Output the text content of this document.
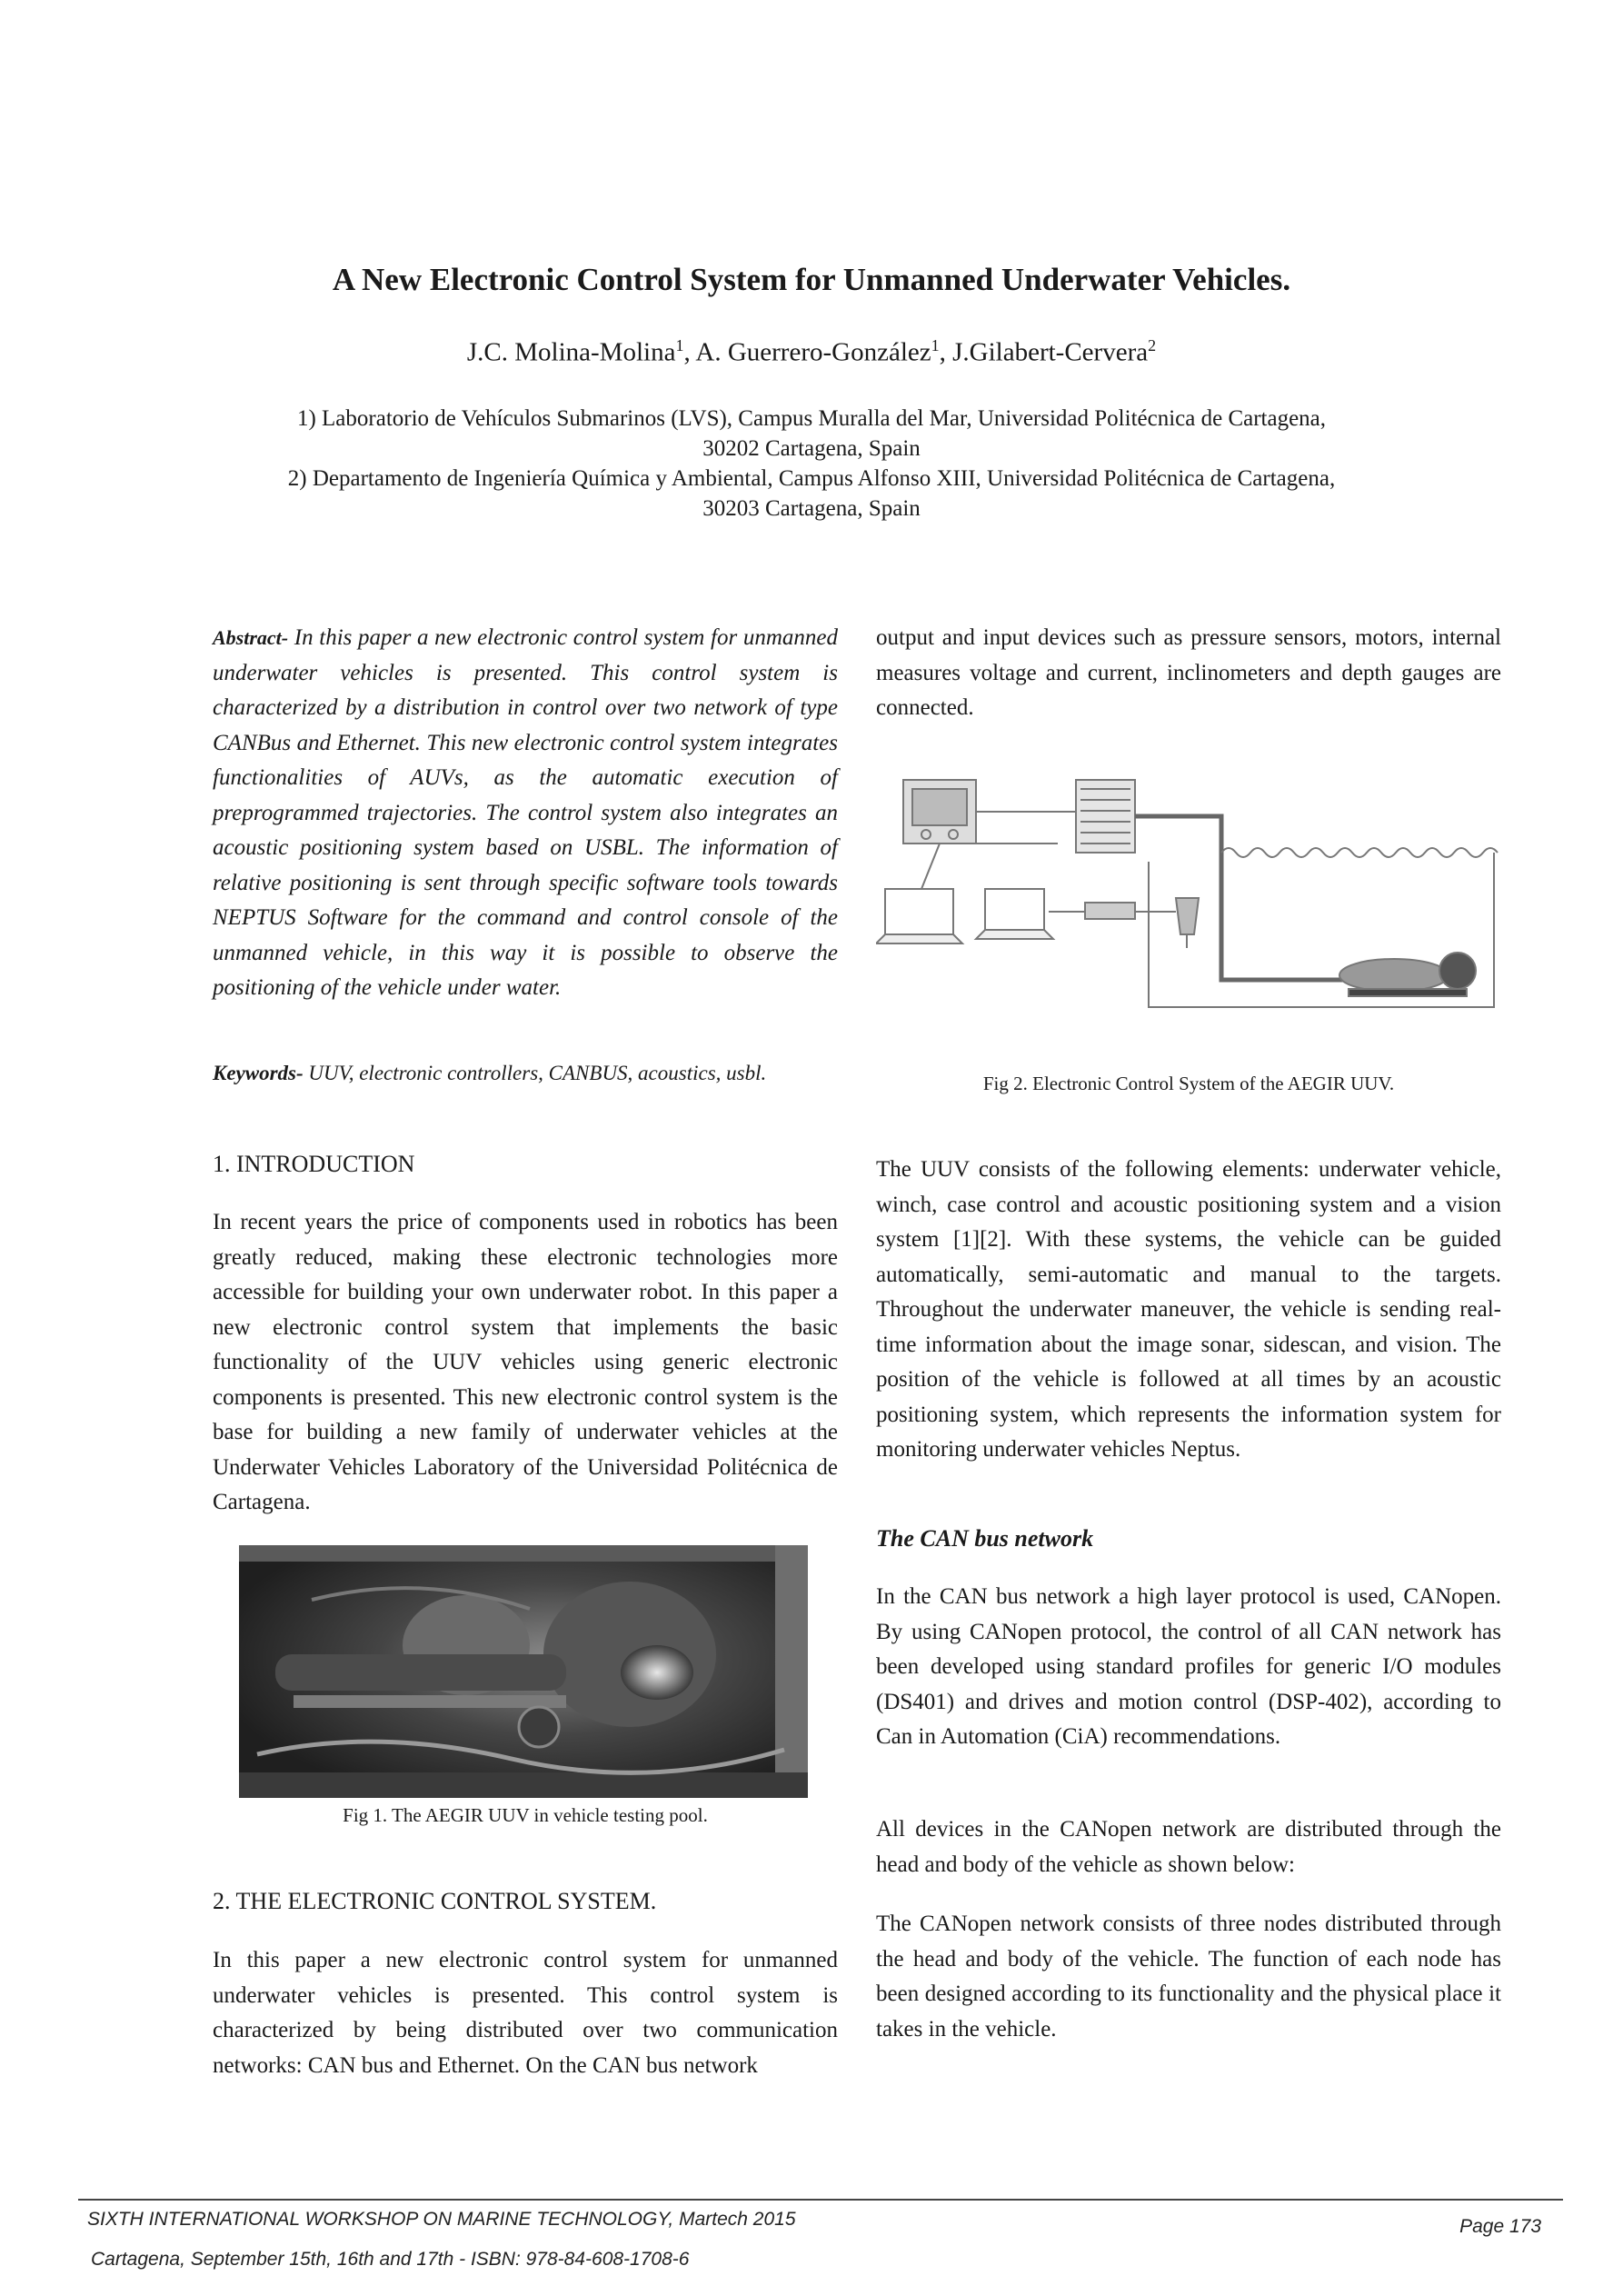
A New Electronic Control System for Unmanned Underwater Vehicles.
J.C. Molina-Molina$^1$, A. Guerrero-González$^1$, J.Gilabert-Cervera$^2$
1) Laboratorio de Vehículos Submarinos (LVS), Campus Muralla del Mar, Universidad Politécnica de Cartagena, 30202 Cartagena, Spain
2) Departamento de Ingeniería Química y Ambiental, Campus Alfonso XIII, Universidad Politécnica de Cartagena, 30203 Cartagena, Spain
Abstract- In this paper a new electronic control system for unmanned underwater vehicles is presented. This control system is characterized by a distribution in control over two network of type CANBus and Ethernet. This new electronic control system integrates functionalities of AUVs, as the automatic execution of preprogrammed trajectories. The control system also integrates an acoustic positioning system based on USBL. The information of relative positioning is sent through specific software tools towards NEPTUS Software for the command and control console of the unmanned vehicle, in this way it is possible to observe the positioning of the vehicle under water.
Keywords- UUV, electronic controllers, CANBUS, acoustics, usbl.
1. INTRODUCTION
In recent years the price of components used in robotics has been greatly reduced, making these electronic technologies more accessible for building your own underwater robot. In this paper a new electronic control system that implements the basic functionality of the UUV vehicles using generic electronic components is presented. This new electronic control system is the base for building a new family of underwater vehicles at the Underwater Vehicles Laboratory of the Universidad Politécnica de Cartagena.
Fig 1. The AEGIR UUV in vehicle testing pool.
2. THE ELECTRONIC CONTROL SYSTEM.
In this paper a new electronic control system for unmanned underwater vehicles is presented. This control system is characterized by being distributed over two communication networks: CAN bus and Ethernet. On the CAN bus network
output and input devices such as pressure sensors, motors, internal measures voltage and current, inclinometers and depth gauges are connected.
Fig 2. Electronic Control System of the AEGIR UUV.
The UUV consists of the following elements: underwater vehicle, winch, case control and acoustic positioning system and a vision system [1][2]. With these systems, the vehicle can be guided automatically, semi-automatic and manual to the targets. Throughout the underwater maneuver, the vehicle is sending real-time information about the image sonar, sidescan, and vision. The position of the vehicle is followed at all times by an acoustic positioning system, which represents the information system for monitoring underwater vehicles Neptus.
The CAN bus network
In the CAN bus network a high layer protocol is used, CANopen. By using CANopen protocol, the control of all CAN network has been developed using standard profiles for generic I/O modules (DS401) and drives and motion control (DSP-402), according to Can in Automation (CiA) recommendations.
All devices in the CANopen network are distributed through the head and body of the vehicle as shown below:
The CANopen network consists of three nodes distributed through the head and body of the vehicle. The function of each node has been designed according to its functionality and the physical place it takes in the vehicle.
SIXTH INTERNATIONAL WORKSHOP ON MARINE TECHNOLOGY, Martech 2015
Cartagena, September 15th, 16th and 17th - ISBN: 978-84-608-1708-6
Page 173
